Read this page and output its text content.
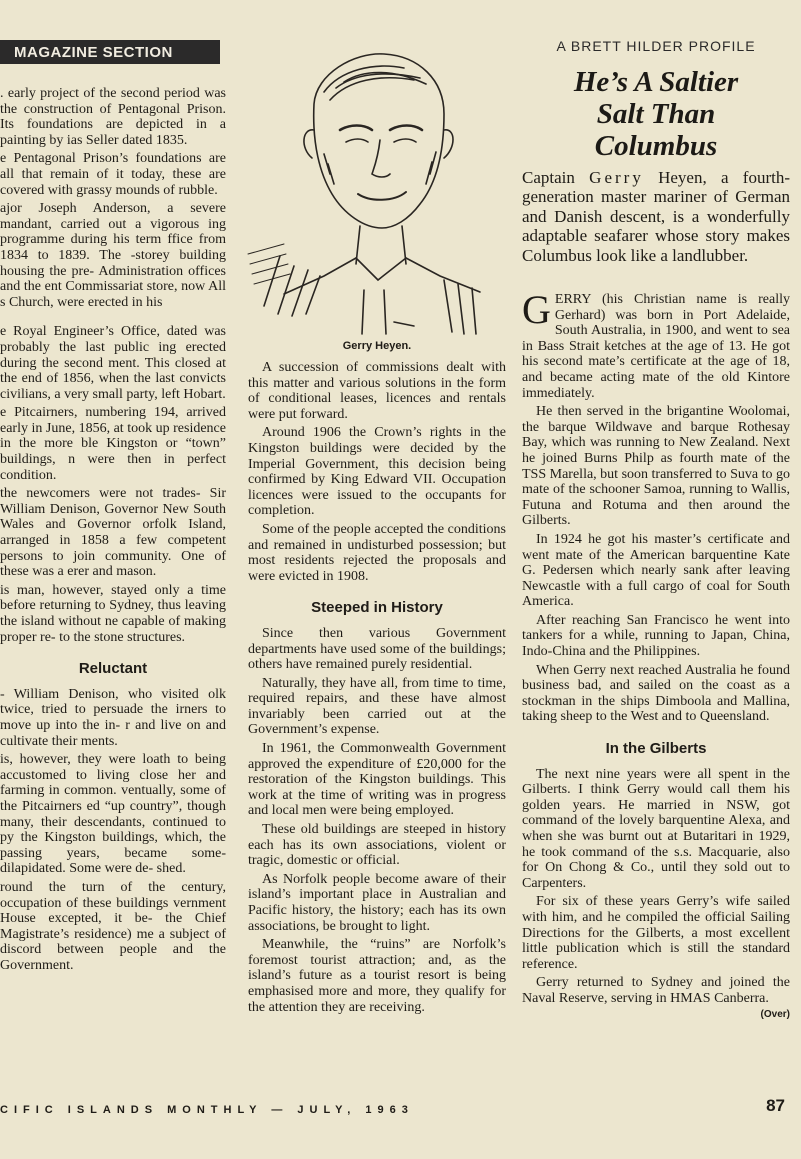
MAGAZINE SECTION	A BRETT HILDER PROFILE
He’s A Saltier
Salt Than
Columbus
Captain Gerry Heyen, a fourth-generation master mariner of German and Danish descent, is a wonderfully adaptable seafarer whose story makes Columbus look like a landlubber.
Gerry Heyen.

. early project of the second period was the construction of Pentagonal Prison. Its foundations are depicted in a painting by ias Seller dated 1835.

e Pentagonal Prison’s foundations are all that remain of it today, these are covered with grassy mounds of rubble.

ajor Joseph Anderson, a severe mandant, carried out a vigorous ing programme during his term ffice from 1834 to 1839. The -storey building housing the pre- Administration offices and the ent Commissariat store, now All s Church, were erected in his

e Royal Engineer’s Office, dated was probably the last public ing erected during the second ment. This closed at the end of 1856, when the last convicts civilians, a very small party, left Hobart.

e Pitcairners, numbering 194, arrived early in June, 1856, at took up residence in the more ble Kingston or “town” buildings, n were then in perfect condition.

the newcomers were not trades- Sir William Denison, Governor New South Wales and Governor orfolk Island, arranged in 1858 a few competent persons to join community. One of these was a erer and mason.

is man, however, stayed only a time before returning to Sydney, thus leaving the island without ne capable of making proper re- to the stone structures.

Reluctant

- William Denison, who visited olk twice, tried to persuade the irners to move up into the in- r and live on and cultivate their ments.

is, however, they were loath to being accustomed to living close her and farming in common. ventually, some of the Pitcairners ed “up country”, though many, their descendants, continued to py the Kingston buildings, which, the passing years, became some- dilapidated. Some were de- shed.

round the turn of the century, occupation of these buildings vernment House excepted, it be- the Chief Magistrate’s residence) me a subject of discord between people and the Government.

A succession of commissions dealt with this matter and various solutions in the form of conditional leases, licences and rentals were put forward.

Around 1906 the Crown’s rights in the Kingston buildings were decided by the Imperial Government, this decision being confirmed by King Edward VII. Occupation licences were issued to the occupants for completion.

Some of the people accepted the conditions and remained in undisturbed possession; but most residents rejected the proposals and were evicted in 1908.

Steeped in History

Since then various Government departments have used some of the buildings; others have remained purely residential.

Naturally, they have all, from time to time, required repairs, and these have almost invariably been carried out at the Government’s expense.

In 1961, the Commonwealth Government approved the expenditure of £20,000 for the restoration of the Kingston buildings. This work at the time of writing was in progress and local men were being employed.

These old buildings are steeped in history each has its own associations, violent or tragic, domestic or official.

As Norfolk people become aware of their island’s important place in Australian and Pacific history, the history; each has its own associations, be brought to light.

Meanwhile, the “ruins” are Norfolk’s foremost tourist attraction; and, as the island’s future as a tourist resort is being emphasised more and more, they qualify for the attention they are receiving.

GERRY (his Christian name is really Gerhard) was born in Port Adelaide, South Australia, in 1900, and went to sea in Bass Strait ketches at the age of 13. He got his second mate’s certificate at the age of 18, and became acting mate of the old Kintore immediately.

He then served in the brigantine Woolomai, the barque Wildwave and barque Rothesay Bay, which was running to New Zealand. Next he joined Burns Philp as fourth mate of the TSS Marella, but soon transferred to Suva to go mate of the schooner Samoa, running to Wallis, Futuna and Rotuma and then around the Gilberts.

In 1924 he got his master’s certificate and went mate of the American barquentine Kate G. Pedersen which nearly sank after leaving Newcastle with a full cargo of coal for South America.

After reaching San Francisco he went into tankers for a while, running to Japan, China, Indo-China and the Philippines.

When Gerry next reached Australia he found business bad, and sailed on the coast as a stockman in the ships Dimboola and Mallina, taking sheep to the West and to Queensland.

In the Gilberts

The next nine years were all spent in the Gilberts. I think Gerry would call them his golden years. He married in NSW, got command of the lovely barquentine Alexa, and when she was burnt out at Butaritari in 1929, he took command of the s.s. Macquarie, also for On Chong & Co., until they sold out to Carpenters.

For six of these years Gerry’s wife sailed with him, and he compiled the official Sailing Directions for the Gilberts, a most excellent little publication which is still the standard reference.

Gerry returned to Sydney and joined the Naval Reserve, serving in HMAS Canberra.
(Over)

CIFIC ISLANDS MONTHLY — JULY, 1963	87
